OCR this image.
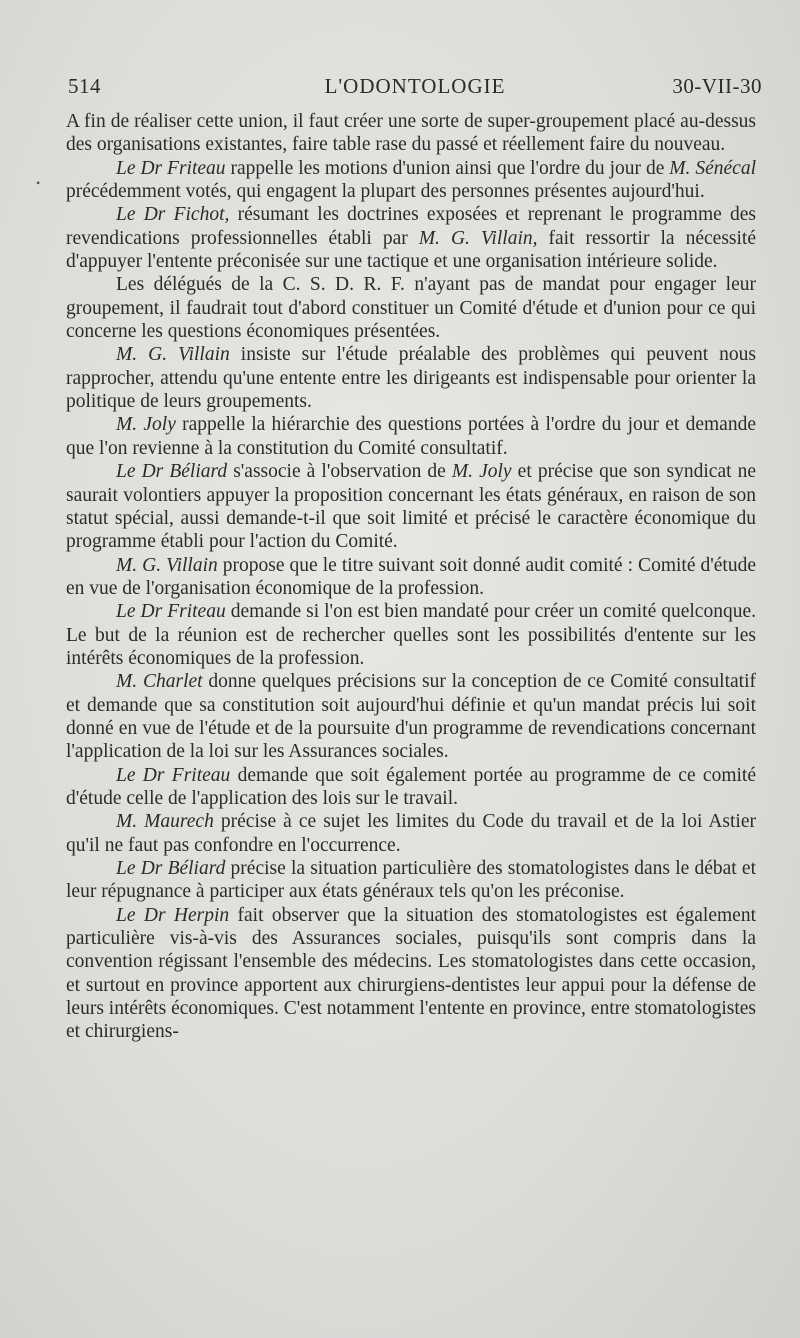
514	L'ODONTOLOGIE	30-VII-30
•

A fin de réaliser cette union, il faut créer une sorte de super-groupement placé au-dessus des organisations existantes, faire table rase du passé et réellement faire du nouveau.

Le Dr Friteau rappelle les motions d'union ainsi que l'ordre du jour de M. Sénécal précédemment votés, qui engagent la plupart des personnes présentes aujourd'hui.

Le Dr Fichot, résumant les doctrines exposées et reprenant le programme des revendications professionnelles établi par M. G. Villain, fait ressortir la nécessité d'appuyer l'entente préconisée sur une tactique et une organisation intérieure solide.

Les délégués de la C. S. D. R. F. n'ayant pas de mandat pour engager leur groupement, il faudrait tout d'abord constituer un Comité d'étude et d'union pour ce qui concerne les questions économiques présentées.

M. G. Villain insiste sur l'étude préalable des problèmes qui peuvent nous rapprocher, attendu qu'une entente entre les dirigeants est indispensable pour orienter la politique de leurs groupements.

M. Joly rappelle la hiérarchie des questions portées à l'ordre du jour et demande que l'on revienne à la constitution du Comité consultatif.

Le Dr Béliard s'associe à l'observation de M. Joly et précise que son syndicat ne saurait volontiers appuyer la proposition concernant les états généraux, en raison de son statut spécial, aussi demande-t-il que soit limité et précisé le caractère économique du programme établi pour l'action du Comité.

M. G. Villain propose que le titre suivant soit donné audit comité : Comité d'étude en vue de l'organisation économique de la profession.

Le Dr Friteau demande si l'on est bien mandaté pour créer un comité quelconque. Le but de la réunion est de rechercher quelles sont les possibilités d'entente sur les intérêts économiques de la profession.

M. Charlet donne quelques précisions sur la conception de ce Comité consultatif et demande que sa constitution soit aujourd'hui définie et qu'un mandat précis lui soit donné en vue de l'étude et de la poursuite d'un programme de revendications concernant l'application de la loi sur les Assurances sociales.

Le Dr Friteau demande que soit également portée au programme de ce comité d'étude celle de l'application des lois sur le travail.

M. Maurech précise à ce sujet les limites du Code du travail et de la loi Astier qu'il ne faut pas confondre en l'occurrence.

Le Dr Béliard précise la situation particulière des stomatologistes dans le débat et leur répugnance à participer aux états généraux tels qu'on les préconise.

Le Dr Herpin fait observer que la situation des stomatologistes est également particulière vis-à-vis des Assurances sociales, puisqu'ils sont compris dans la convention régissant l'ensemble des médecins. Les stomatologistes dans cette occasion, et surtout en province apportent aux chirurgiens-dentistes leur appui pour la défense de leurs intérêts économiques. C'est notamment l'entente en province, entre stomatologistes et chirurgiens-
